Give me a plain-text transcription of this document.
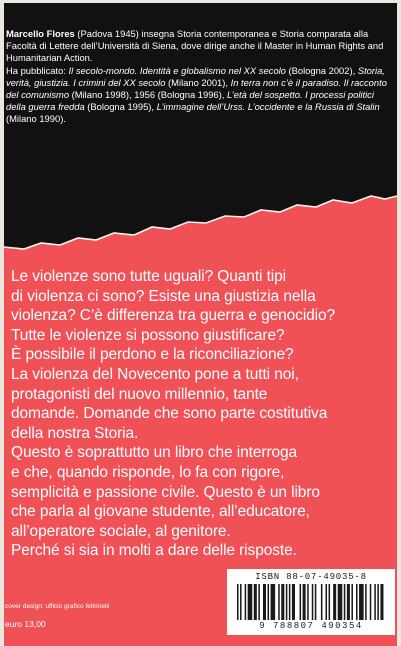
Marcello Flores (Padova 1945) insegna Storia contemporanea e Storia comparata alla Facoltà di Lettere dell’Università di Siena, dove dirige anche il Master in Human Rights and Humanitarian Action.

Ha pubblicato: Il secolo-mondo. Identità e globalismo nel XX secolo (Bologna 2002), Storia, verità, giustizia. I crimini del XX secolo (Milano 2001), In terra non c’è il paradiso. Il racconto del comunismo (Milano 1998), 1956 (Bologna 1996), L’età del sospetto. I processi politici della guerra fredda (Bologna 1995), L’immagine dell’Urss. L’occidente e la Russia di Stalin (Milano 1990).

Le violenze sono tutte uguali? Quanti tipi
di violenza ci sono? Esiste una giustizia nella
violenza? C’è differenza tra guerra e genocidio?
Tutte le violenze si possono giustificare?
È possibile il perdono e la riconciliazione?
La violenza del Novecento pone a tutti noi,
protagonisti del nuovo millennio, tante
domande. Domande che sono parte costitutiva
della nostra Storia.
Questo è soprattutto un libro che interroga
e che, quando risponde, lo fa con rigore,
semplicità e passione civile. Questo è un libro
che parla al giovane studente, all’educatore,
all’operatore sociale, al genitore.
Perché si sia in molti a dare delle risposte.
cover design: ufficio grafico feltrinelli
euro 13,00
ISBN 88-07-49035-8
9 788807 490354
